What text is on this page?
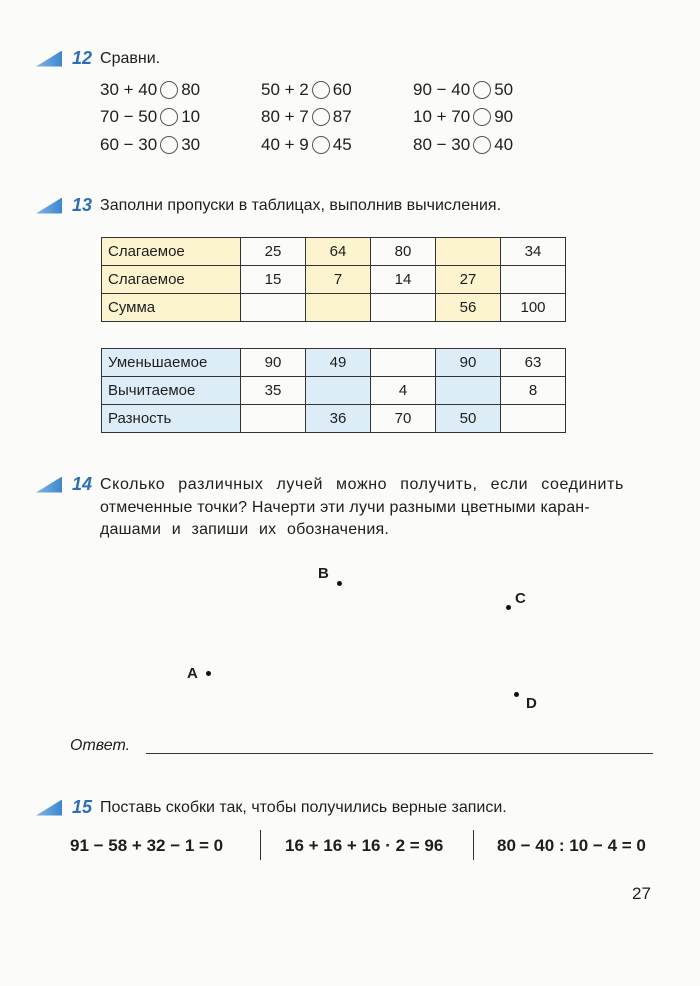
12 Сравни.
30 + 40 80
70 − 50 10
60 − 30 30
50 + 2 60
80 + 7 87
40 + 9 45
90 − 40 50
10 + 70 90
80 − 30 40
13 Заполни пропуски в таблицах, выполнив вычисления.
Слагаемое	25	64	80		34
Слагаемое	15	7	14	27	
Сумма				56	100
Уменьшаемое	90	49		90	63
Вычитаемое	35		4		8
Разность		36	70	50	
14 Сколько различных лучей можно получить, если соединить
отмеченные точки? Начерти эти лучи разными цветными каран-
дашами и запиши их обозначения.
B
C
A
D
Ответ.
15 Поставь скобки так, чтобы получились верные записи.
91 − 58 + 32 − 1 = 0	16 + 16 + 16 · 2 = 96	80 − 40 : 10 − 4 = 0
27
